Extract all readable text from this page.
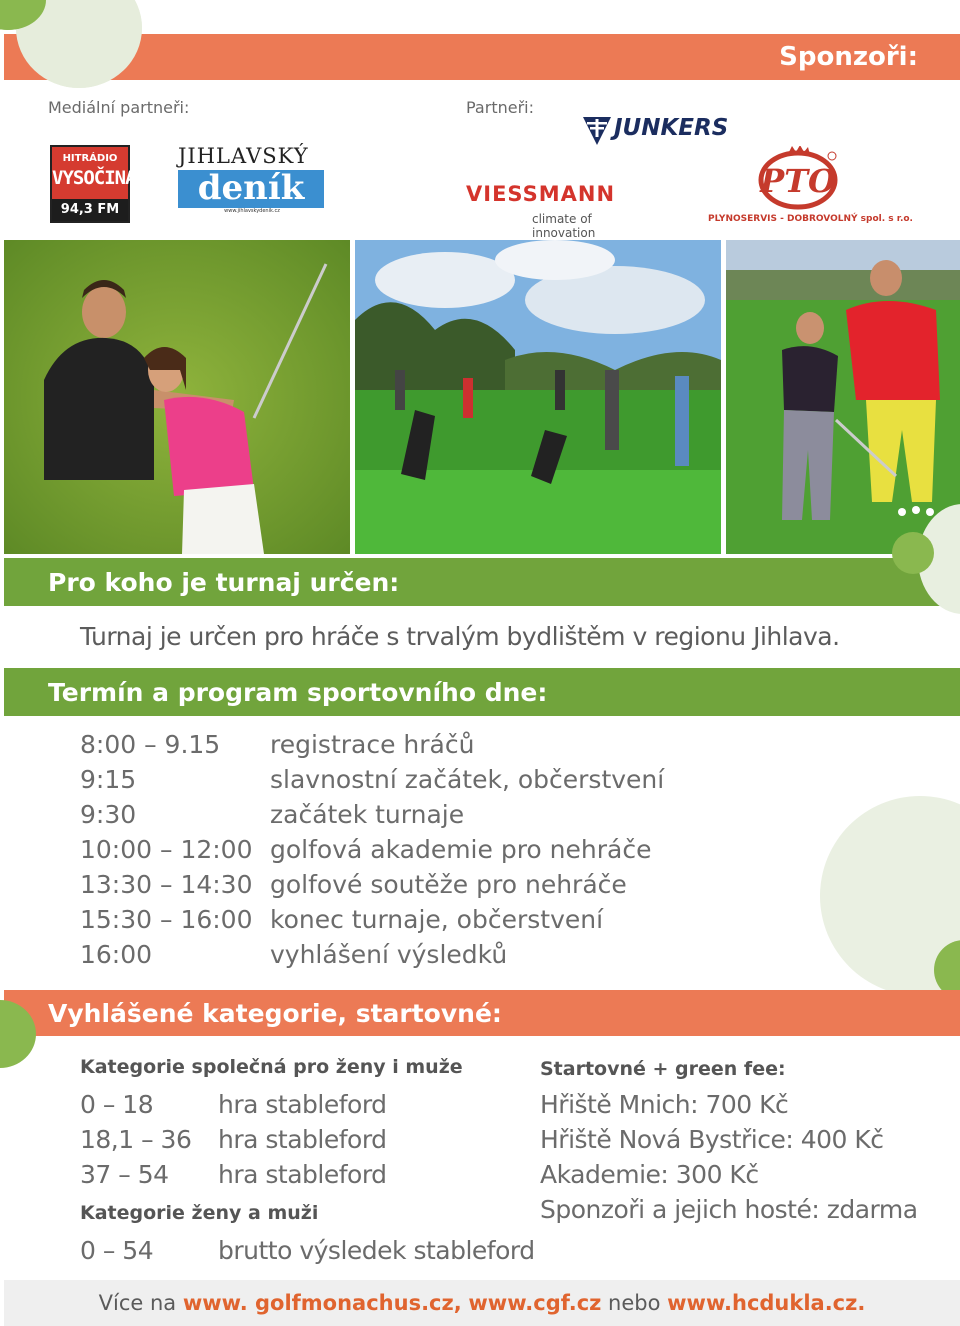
Sponzoři:
Mediální partneři:	Partneři:
HITRÁDIO
VYSOČINA
94,3 FM
JIHLAVSKÝ
deník
www.jihlavskydenik.cz
JUNKERS
VIESSMANN
climate of innovation
PTO
PLYNOSERVIS - DOBROVOLNÝ spol. s r.o.
Pro koho je turnaj určen:
Turnaj je určen pro hráče s trvalým bydlištěm v regionu Jihlava.
Termín a program sportovního dne:
8:00 – 9.15 registrace hráčů
9:15	slavnostní začátek, občerstvení
9:30	začátek turnaje
10:00 – 12:00 golfová akademie pro nehráče
13:30 – 14:30 golfové soutěže pro nehráče
15:30 – 16:00 konec turnaje, občerstvení
16:00	vyhlášení výsledků
Vyhlášené kategorie, startovné:
Kategorie společná pro ženy i muže
0 – 18	hra stableford
18,1 – 36 hra stableford
37 – 54 hra stableford
Kategorie ženy a muži
0 – 54	brutto výsledek stableford
Startovné + green fee:
Hřiště Mnich: 700 Kč
Hřiště Nová Bystřice: 400 Kč
Akademie: 300 Kč
Sponzoři a jejich hosté: zdarma
Více na www. golfmonachus.cz, www.cgf.cz nebo www.hcdukla.cz.
